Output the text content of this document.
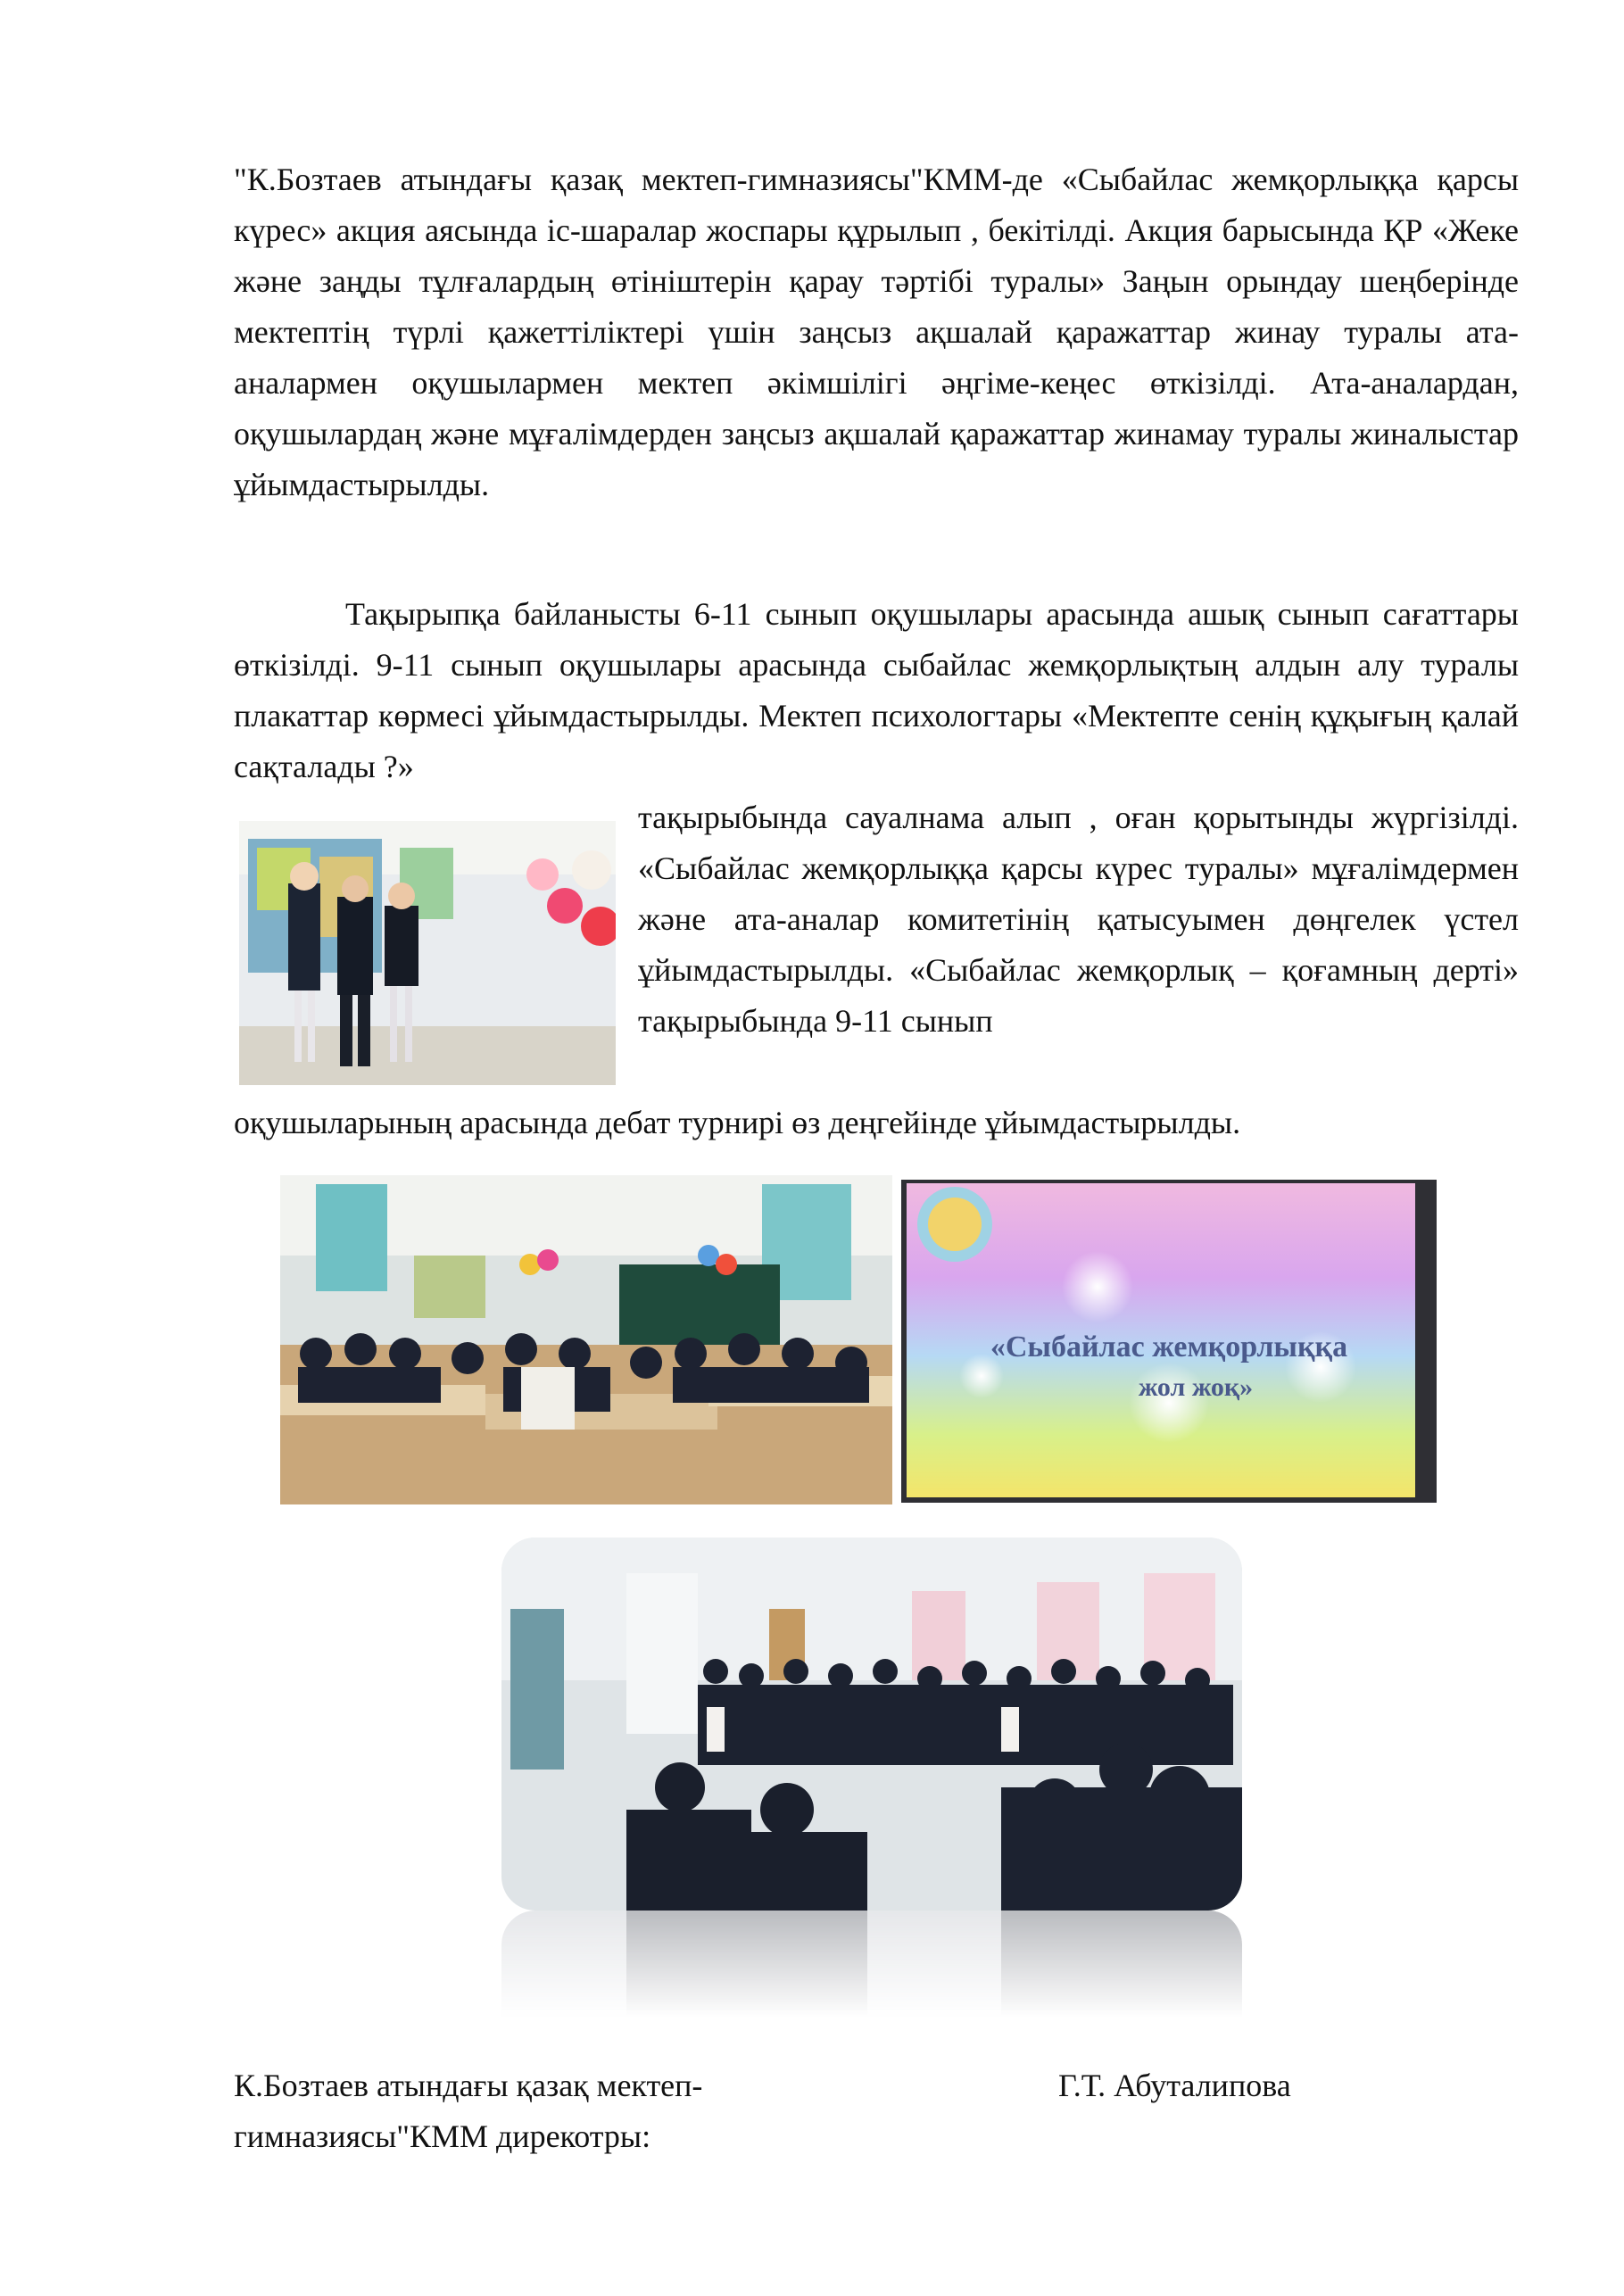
"К.Бозтаев атындағы қазақ мектеп-гимназиясы"КММ-де «Сыбайлас жемқорлыққа қарсы күрес» акция аясында іс-шаралар жоспары құрылып , бекітілді. Акция барысында ҚР «Жеке және заңды тұлғалардың өтініштерін қарау тәртібі туралы» Заңын орындау шеңберінде мектептің түрлі қажеттіліктері үшін заңсыз ақшалай қаражаттар жинау туралы ата-аналармен оқушылармен мектеп әкімшілігі әңгіме-кеңес өткізілді. Ата-аналардан, оқушылардаң және мұғалімдерден заңсыз ақшалай қаражаттар жинамау туралы жиналыстар ұйымдастырылды.

Тақырыпқа байланысты 6-11 сынып оқушылары арасында ашық сынып сағаттары өткізілді. 9-11 сынып оқушылары арасында сыбайлас жемқорлықтың алдын алу туралы плакаттар көрмесі ұйымдастырылды. Мектеп психологтары «Мектепте сенің құқығың қалай сақталады ?»

тақырыбында сауалнама алып , оған қорытынды жүргізілді. «Сыбайлас жемқорлыққа қарсы күрес туралы» мұғалімдермен және ата-аналар комитетінің қатысуымен дөңгелек үстел ұйымдастырылды. «Сыбайлас жемқорлық – қоғамның дерті» тақырыбында 9-11 сынып

оқушыларының арасында дебат турнирі өз деңгейінде ұйымдастырылды.

«Сыбайлас жемқорлыққа
жол жоқ»
К.Бозтаев атындағы қазақ мектеп-
гимназиясы"КММ дирекотры:
Г.Т. Абуталипова
